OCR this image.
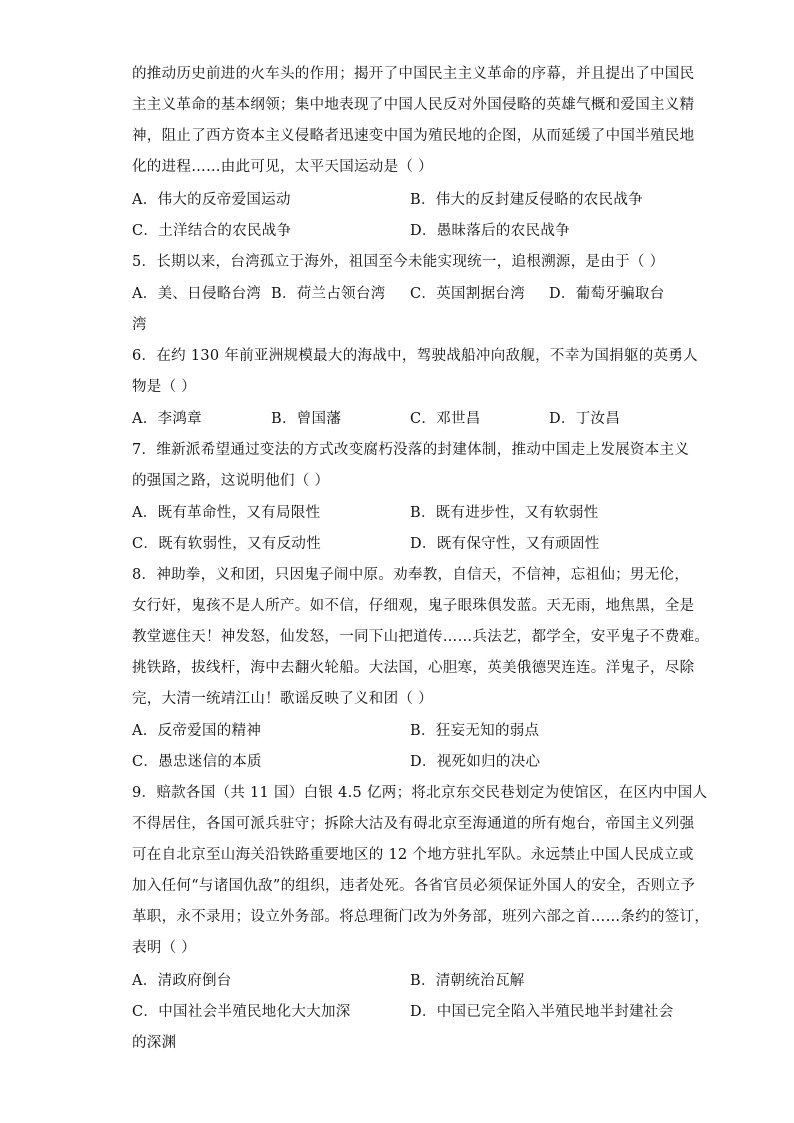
的推动历史前进的火车头的作用；揭开了中国民主主义革命的序幕，并且提出了中国民
主主义革命的基本纲领；集中地表现了中国人民反对外国侵略的英雄气概和爱国主义精
神，阻止了西方资本主义侵略者迅速变中国为殖民地的企图，从而延缓了中国半殖民地
化的进程……由此可见，太平天国运动是（ ）
A．伟大的反帝爱国运动	B．伟大的反封建反侵略的农民战争
C．土洋结合的农民战争	D．愚昧落后的农民战争
5．长期以来，台湾孤立于海外，祖国至今未能实现统一，追根溯源，是由于（ ）
A．美、日侵略台湾 B．荷兰占领台湾 C．英国割据台湾 D．葡萄牙骗取台
湾
6．在约 130 年前亚洲规模最大的海战中，驾驶战船冲向敌舰，不幸为国捐躯的英勇人
物是（ ）
A．李鸿章	B．曾国藩	C．邓世昌	D．丁汝昌
7．维新派希望通过变法的方式改变腐朽没落的封建体制，推动中国走上发展资本主义
的强国之路，这说明他们（ ）
A．既有革命性，又有局限性	B．既有进步性，又有软弱性
C．既有软弱性，又有反动性	D．既有保守性，又有顽固性
8．神助拳，义和团，只因鬼子闹中原。劝奉教，自信天，不信神，忘祖仙；男无伦，
女行奸，鬼孩不是人所产。如不信，仔细观，鬼子眼珠俱发蓝。天无雨，地焦黑，全是
教堂遮住天！神发怒，仙发怒，一同下山把道传……兵法艺，都学全，安平鬼子不费难。
挑铁路，拔线杆，海中去翻火轮船。大法国，心胆寒，英美俄德哭连连。洋鬼子，尽除
完，大清一统靖江山！歌谣反映了义和团（ ）
A．反帝爱国的精神	B．狂妄无知的弱点
C．愚忠迷信的本质	D．视死如归的决心
9．赔款各国（共 11 国）白银 4.5 亿两；将北京东交民巷划定为使馆区，在区内中国人
不得居住，各国可派兵驻守；拆除大沽及有碍北京至海通道的所有炮台，帝国主义列强
可在自北京至山海关沿铁路重要地区的 12 个地方驻扎军队。永远禁止中国人民成立或
加入任何“与诸国仇敌”的组织，违者处死。各省官员必须保证外国人的安全，否则立予
革职，永不录用；设立外务部。将总理衙门改为外务部，班列六部之首……条约的签订，
表明（ ）
A．清政府倒台	B．清朝统治瓦解
C．中国社会半殖民地化大大加深	D．中国已完全陷入半殖民地半封建社会
的深渊
